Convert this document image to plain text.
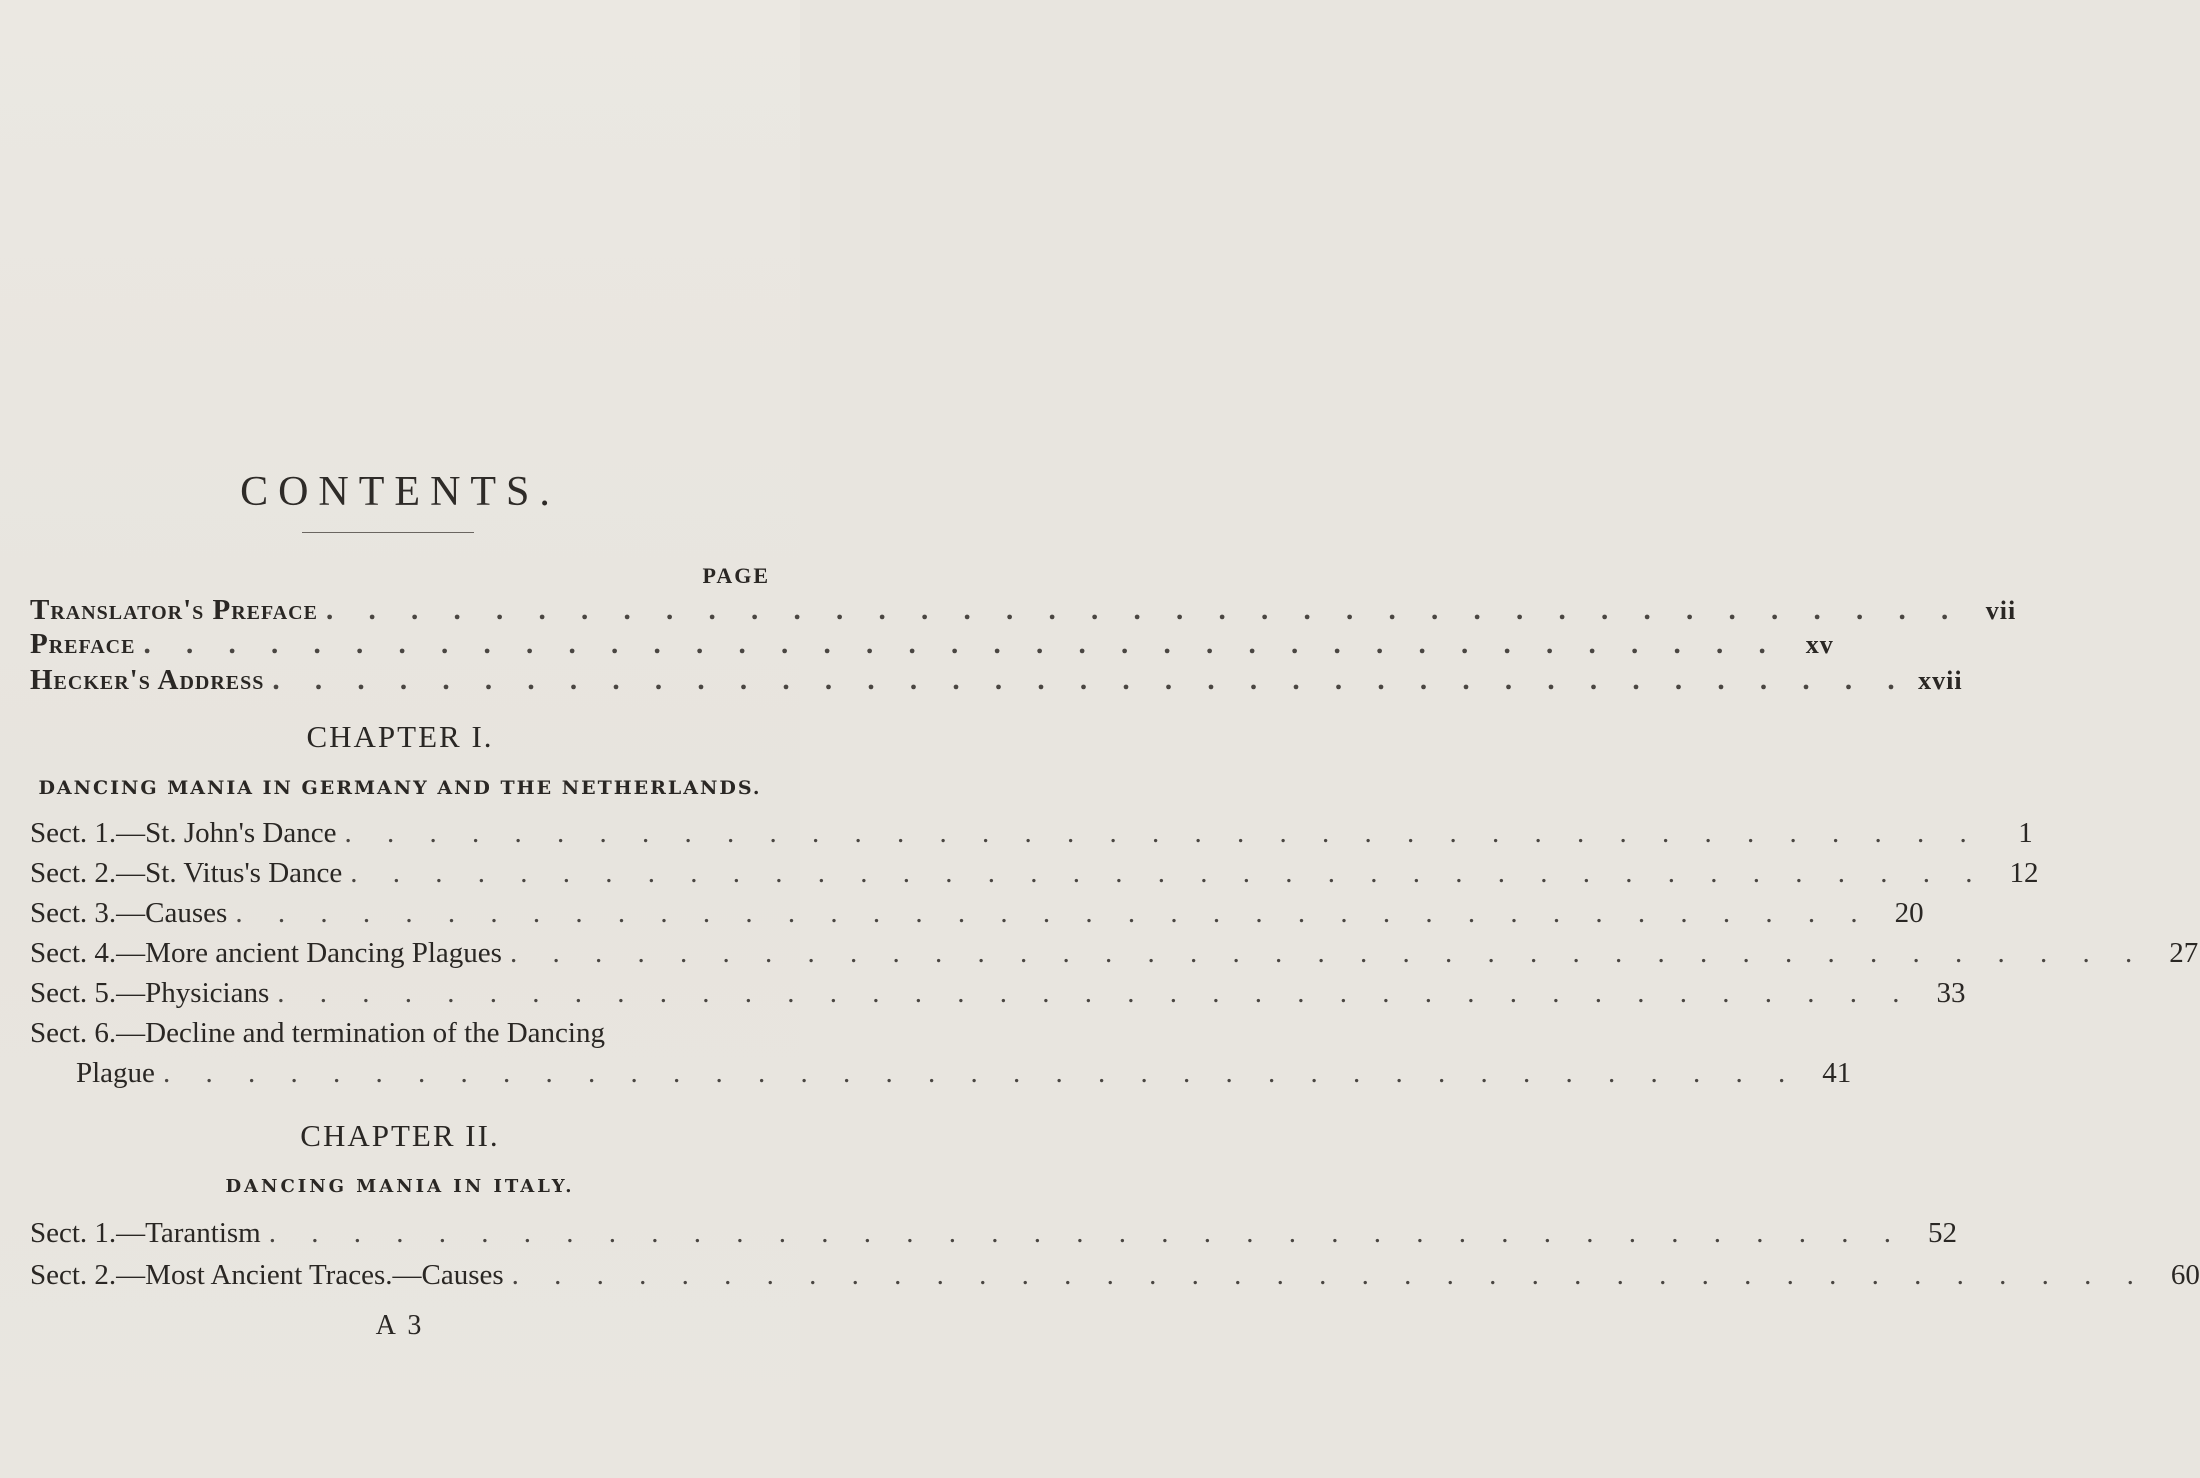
CONTENTS.
PAGE
Translator's Preface . . . . . . . . . . . . . . . . . . . . . . . . . . . . . . . . . . . . . . . vii
Preface . . . . . . . . . . . . . . . . . . . . . . . . . . . . . . . . . . . . . . .	xv
Hecker's Address . . . . . . . . . . . . . . . . . . . . . . . . . . . . . . . . . . . . . . . xvii
CHAPTER I.
DANCING MANIA IN GERMANY AND THE NETHERLANDS.
Sect. 1.—St. John's Dance . . . . . . . . . . . . . . . . . . . . . . . . . . . . . . . . . . . . . . .	1
Sect. 2.—St. Vitus's Dance . . . . . . . . . . . . . . . . . . . . . . . . . . . . . . . . . . . . . . . 12
Sect. 3.—Causes . . . . . . . . . . . . . . . . . . . . . . . . . . . . . . . . . . . . . . . 20
Sect. 4.—More ancient Dancing Plagues . . . . . . . . . . . . . . . . . . . . . . . . . . . . . . . . . . . . . . . 27
Sect. 5.—Physicians . . . . . . . . . . . . . . . . . . . . . . . . . . . . . . . . . . . . . . . 33
Sect. 6.—Decline and termination of the Dancing
Plague . . . . . . . . . . . . . . . . . . . . . . . . . . . . . . . . . . . . . . . 41
CHAPTER II.
DANCING MANIA IN ITALY.
Sect. 1.—Tarantism . . . . . . . . . . . . . . . . . . . . . . . . . . . . . . . . . . . . . . . 52
Sect. 2.—Most Ancient Traces.—Causes . . . . . . . . . . . . . . . . . . . . . . . . . . . . . . . . . . . . . . . 60
A 3
